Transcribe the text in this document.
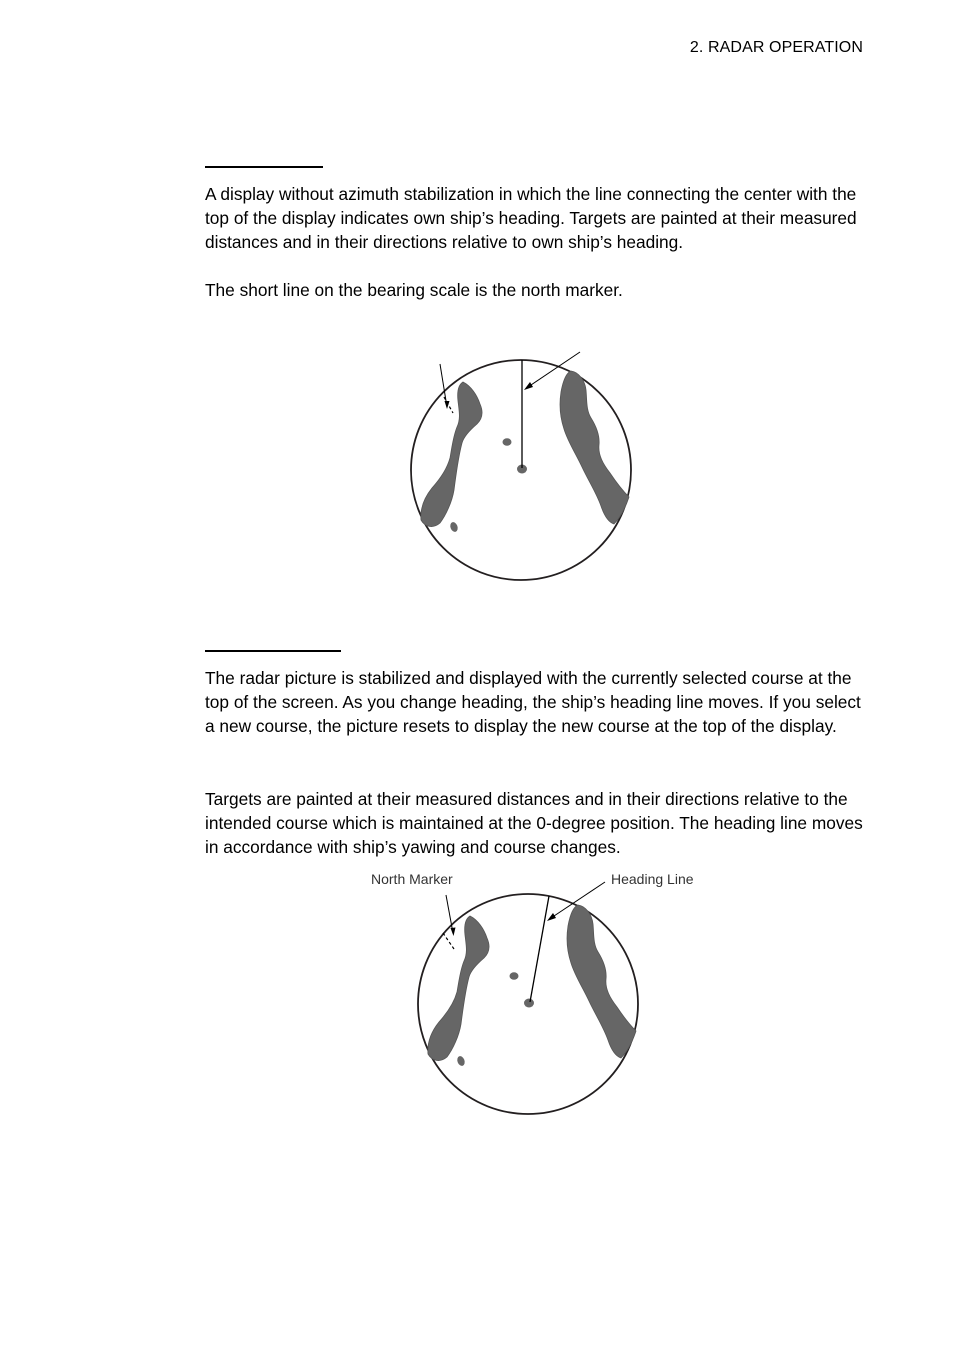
2. RADAR OPERATION

A display without azimuth stabilization in which the line connecting the center with the top of the display indicates own ship’s heading. Targets are painted at their measured distances and in their directions relative to own ship’s heading.

The short line on the bearing scale is the north marker.

The radar picture is stabilized and displayed with the currently selected course at the top of the screen. As you change heading, the ship’s heading line moves. If you select a new course, the picture resets to display the new course at the top of the display.

Targets are painted at their measured distances and in their directions relative to the intended course which is maintained at the 0-degree position. The heading line moves in accordance with ship’s yawing and course changes.

North Marker	Heading Line
